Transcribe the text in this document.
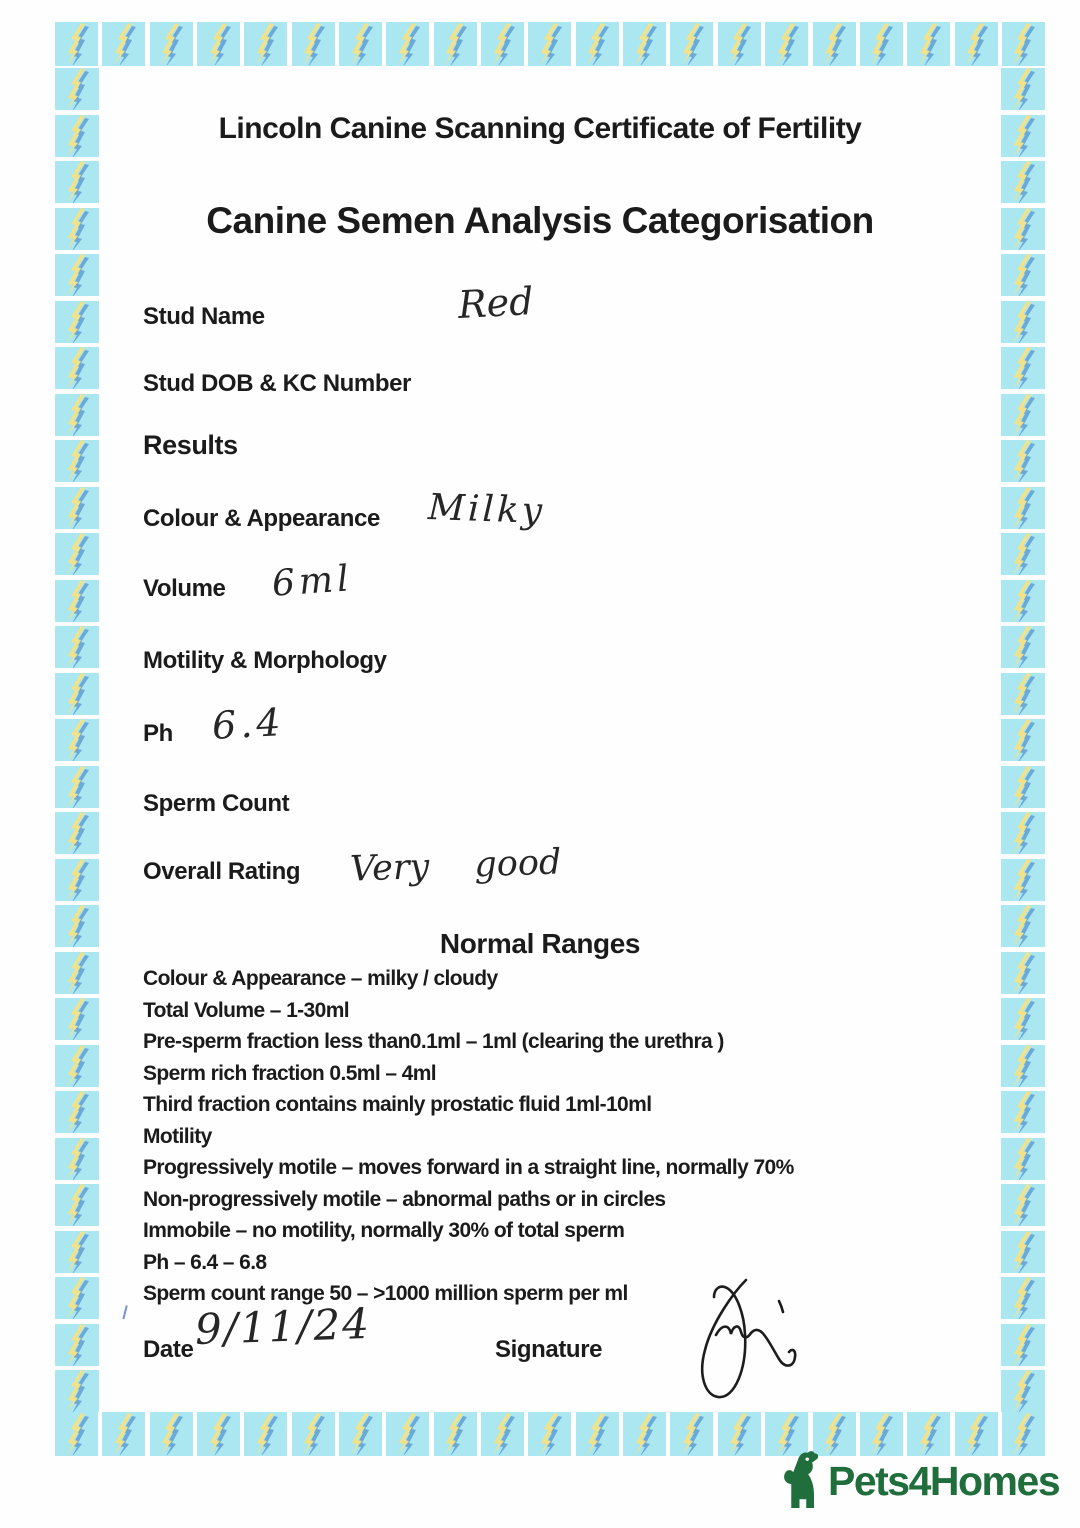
Lincoln Canine Scanning Certificate of Fertility
Canine Semen Analysis Categorisation
Stud Name	Red
Stud DOB & KC Number
Results
Colour & Appearance Milky
Volume 6ml
Motility & Morphology
Ph 6.4
Sperm Count
Overall Rating Very good
Normal Ranges
Colour & Appearance – milky / cloudy
Total Volume – 1-30ml
Pre-sperm fraction less than0.1ml – 1ml (clearing the urethra )
Sperm rich fraction 0.5ml – 4ml
Third fraction contains mainly prostatic fluid 1ml-10ml
Motility
Progressively motile – moves forward in a straight line, normally 70%
Non-progressively motile – abnormal paths or in circles
Immobile – no motility, normally 30% of total sperm
Ph – 6.4 – 6.8
Sperm count range 50 – >1000 million sperm per ml
Date 9/11/24	Signature
Pets4Homes
